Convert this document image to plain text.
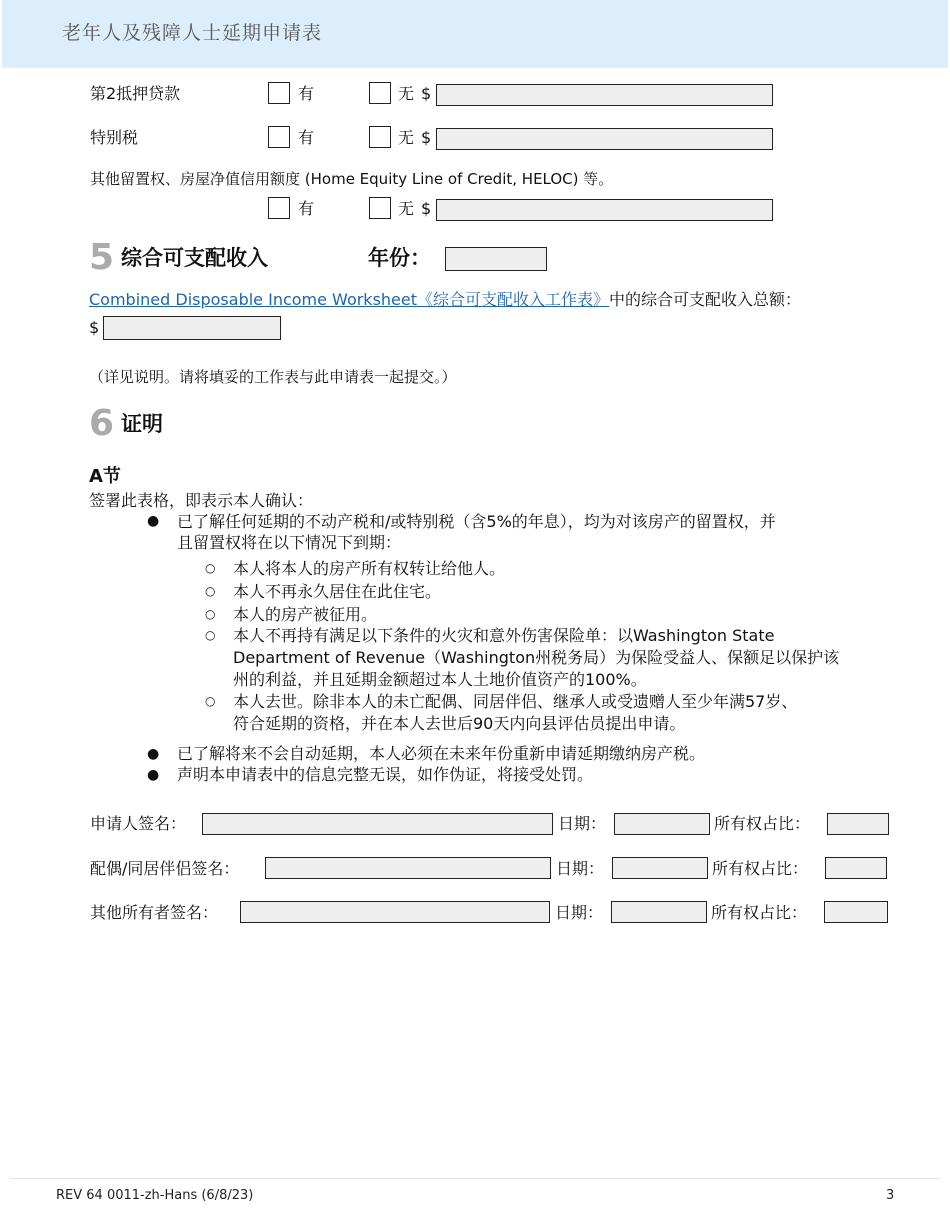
老年人及残障人士延期申请表
第2抵押贷款	有	无 $
特别税	有	无 $
其他留置权、房屋净值信用额度 (Home Equity Line of Credit, HELOC) 等。
有	无 $
5 综合可支配收入	年份：
Combined Disposable Income Worksheet《综合可支配收入工作表》中的综合可支配收入总额：
$
（详见说明。请将填妥的工作表与此申请表一起提交。）
6 证明
A节
签署此表格，即表示本人确认：
● 已了解任何延期的不动产税和/或特别税（含5%的年息），均为对该房产的留置权，并
且留置权将在以下情况下到期：
○ 本人将本人的房产所有权转让给他人。
○ 本人不再永久居住在此住宅。
○ 本人的房产被征用。
○ 本人不再持有满足以下条件的火灾和意外伤害保险单：以Washington State
Department of Revenue（Washington州税务局）为保险受益人、保额足以保护该
州的利益，并且延期金额超过本人土地价值资产的100%。
○ 本人去世。除非本人的未亡配偶、同居伴侣、继承人或受遗赠人至少年满57岁、
符合延期的资格，并在本人去世后90天内向县评估员提出申请。
● 已了解将来不会自动延期，本人必须在未来年份重新申请延期缴纳房产税。
● 声明本申请表中的信息完整无误，如作伪证，将接受处罚。
申请人签名：	日期：	所有权占比：
配偶/同居伴侣签名：	日期：	所有权占比：
其他所有者签名：	日期：	所有权占比：
REV 64 0011-zh-Hans (6/8/23)	3
